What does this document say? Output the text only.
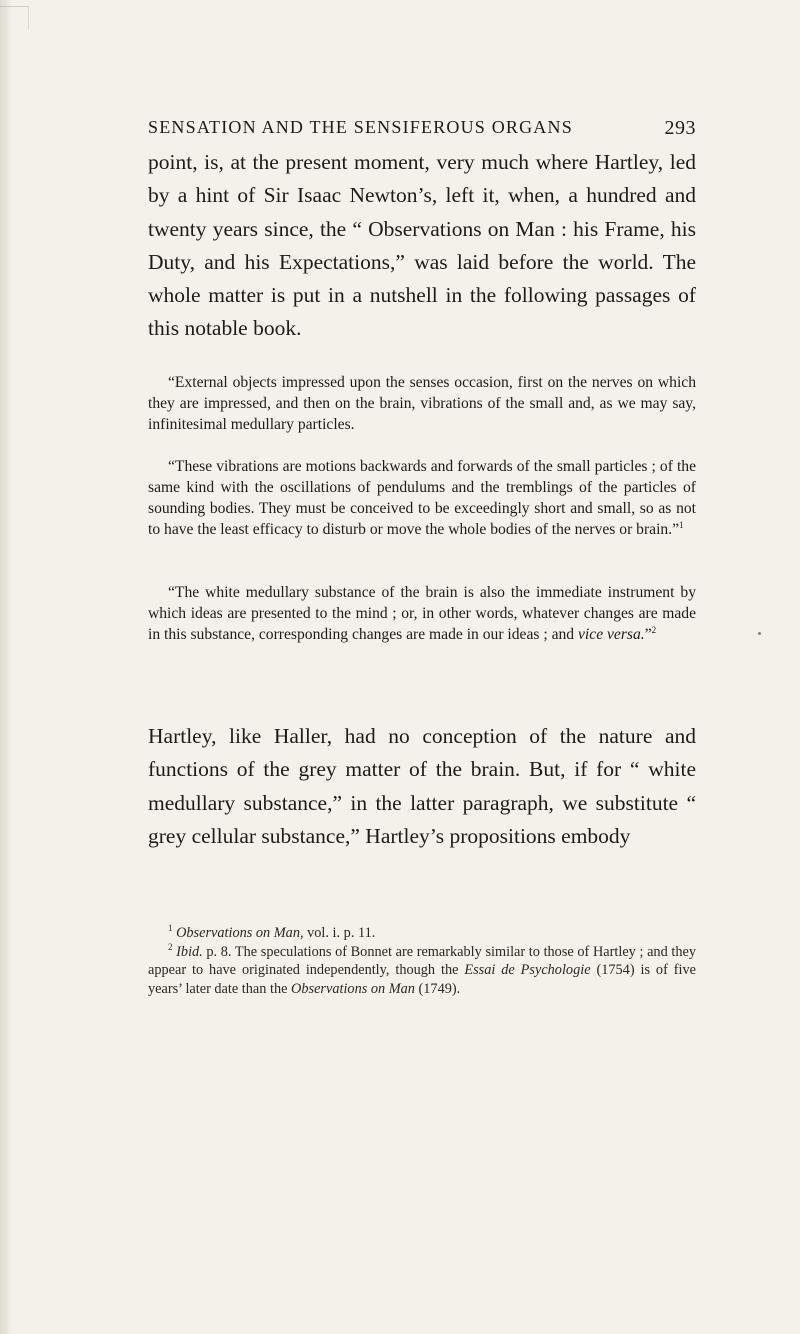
SENSATION AND THE SENSIFEROUS ORGANS	293

point, is, at the present moment, very much where Hartley, led by a hint of Sir Isaac Newton’s, left it, when, a hundred and twenty years since, the “ Observations on Man : his Frame, his Duty, and his Expectations,” was laid before the world. The whole matter is put in a nutshell in the following passages of this notable book.

“External objects impressed upon the senses occasion, first on the nerves on which they are impressed, and then on the brain, vibrations of the small and, as we may say, infinitesimal medullary particles.

“These vibrations are motions backwards and forwards of the small particles ; of the same kind with the oscillations of pendulums and the tremblings of the particles of sounding bodies. They must be conceived to be exceedingly short and small, so as not to have the least efficacy to disturb or move the whole bodies of the nerves or brain.”$^1$

“The white medullary substance of the brain is also the immediate instrument by which ideas are presented to the mind ; or, in other words, whatever changes are made in this substance, corresponding changes are made in our ideas ; and vice versa.”$^2$

Hartley, like Haller, had no conception of the nature and functions of the grey matter of the brain. But, if for “ white medullary substance,” in the latter paragraph, we substitute “ grey cellular substance,” Hartley’s propositions embody

$^1$ Observations on Man, vol. i. p. 11.

$^2$ Ibid. p. 8. The speculations of Bonnet are remarkably similar to those of Hartley ; and they appear to have originated independently, though the Essai de Psychologie (1754) is of five years’ later date than the Observations on Man (1749).
